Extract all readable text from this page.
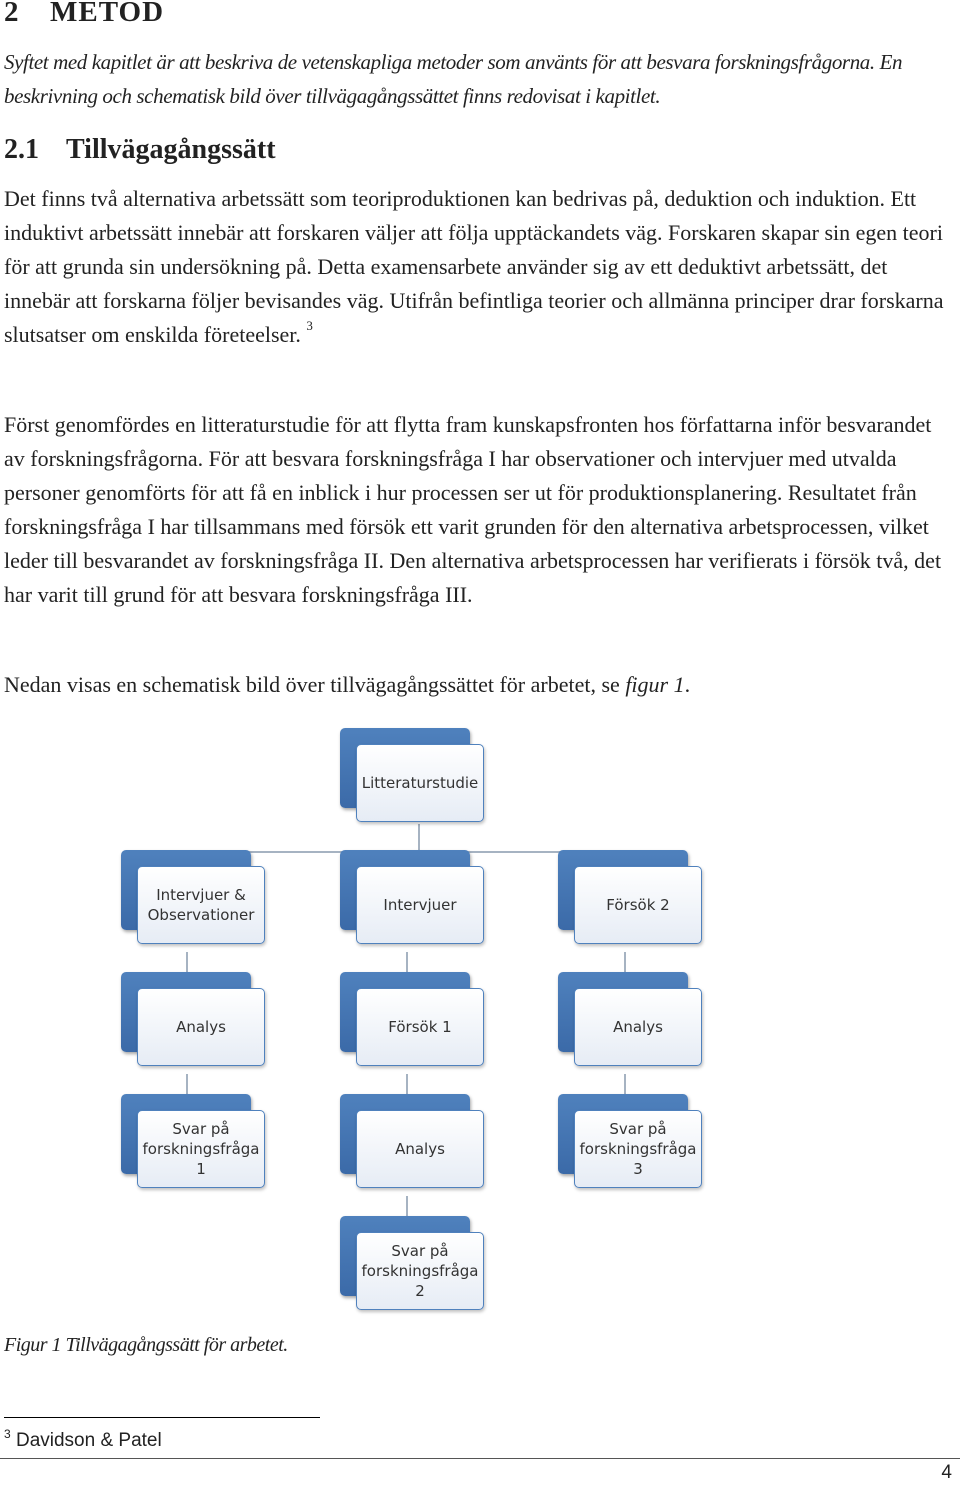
2 METOD
Syftet med kapitlet är att beskriva de vetenskapliga metoder som använts för att besvara forskningsfrågorna. En beskrivning och schematisk bild över tillvägagångssättet finns redovisat i kapitlet.
2.1 Tillvägagångssätt
Det finns två alternativa arbetssätt som teoriproduktionen kan bedrivas på, deduktion och induktion. Ett induktivt arbetssätt innebär att forskaren väljer att följa upptäckandets väg. Forskaren skapar sin egen teori för att grunda sin undersökning på. Detta examensarbete använder sig av ett deduktivt arbetssätt, det innebär att forskarna följer bevisandes väg. Utifrån befintliga teorier och allmänna principer drar forskarna slutsatser om enskilda företeelser. $^3$
Först genomfördes en litteraturstudie för att flytta fram kunskapsfronten hos författarna inför besvarandet av forskningsfrågorna. För att besvara forskningsfråga I har observationer och intervjuer med utvalda personer genomförts för att få en inblick i hur processen ser ut för produktionsplanering. Resultatet från forskningsfråga I har tillsammans med försök ett varit grunden för den alternativa arbetsprocessen, vilket leder till besvarandet av forskningsfråga II. Den alternativa arbetsprocessen har verifierats i försök två, det har varit till grund för att besvara forskningsfråga III.
Nedan visas en schematisk bild över tillvägagångssättet för arbetet, se figur 1.
Litteraturstudie
Intervjuer &
Observationer
Analys
Svar på
forskningsfråga
1
Intervjuer
Försök 1
Analys
Svar på
forskningsfråga
2
Försök 2
Analys
Svar på
forskningsfråga
3
Figur 1 Tillvägagångssätt för arbetet.
$^3$ Davidson & Patel
4
